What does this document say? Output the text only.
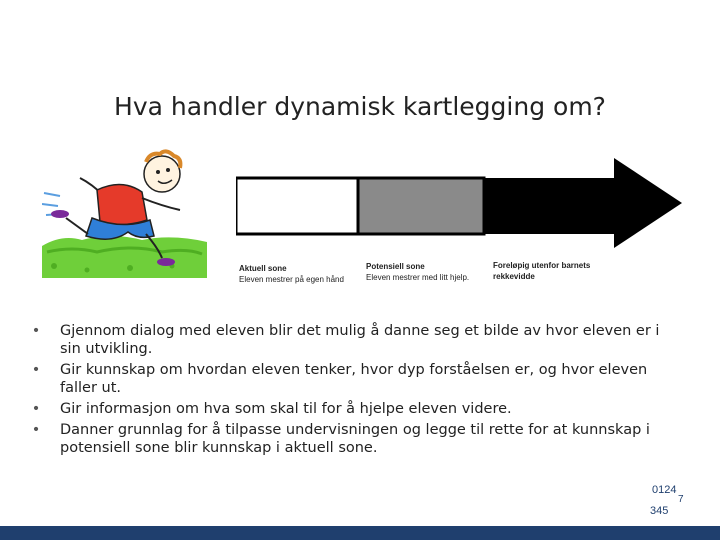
Hva handler dynamisk kartlegging om?
Aktuell sone
Eleven mestrer på egen hånd
Potensiell sone
Eleven mestrer med litt hjelp.
Foreløpig utenfor barnets rekkevidde
• Gjennom dialog med eleven blir det mulig å danne seg et bilde av hvor eleven er i sin utvikling.
• Gir kunnskap om hvordan eleven tenker, hvor dyp forståelsen er, og hvor eleven faller ut.
• Gir informasjon om hva som skal til for å hjelpe eleven videre.
• Danner grunnlag for å tilpasse undervisningen og legge til rette for at kunnskap i potensiell sone blir kunnskap i aktuell sone.
0124
7
345
